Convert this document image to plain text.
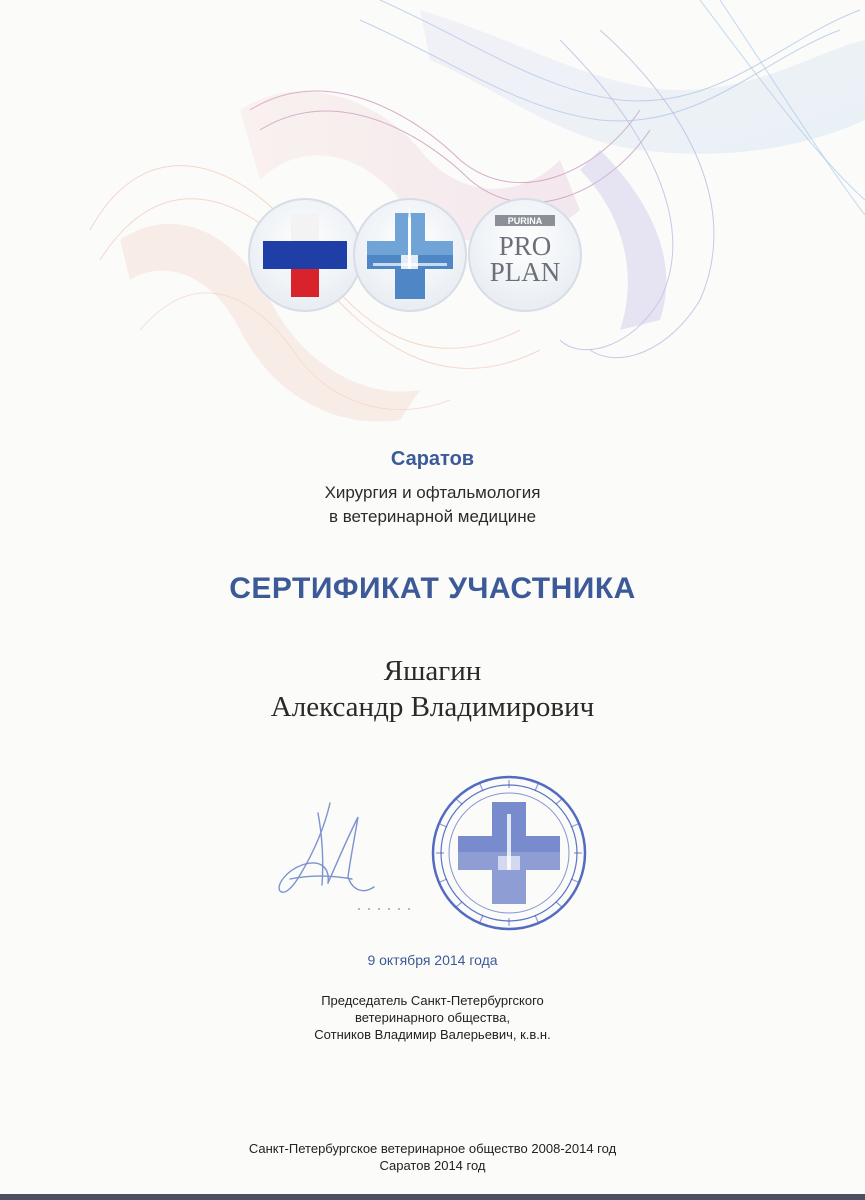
PURINA
PRO
PLAN
Саратов
Хирургия и офтальмология
в ветеринарной медицине
СЕРТИФИКАТ УЧАСТНИКА
Яшагин
Александр Владимирович
9 октября 2014 года
Председатель Санкт-Петербургского
ветеринарного общества,
Сотников Владимир Валерьевич, к.в.н.
Санкт-Петербургское ветеринарное общество 2008-2014 год
Саратов 2014 год
